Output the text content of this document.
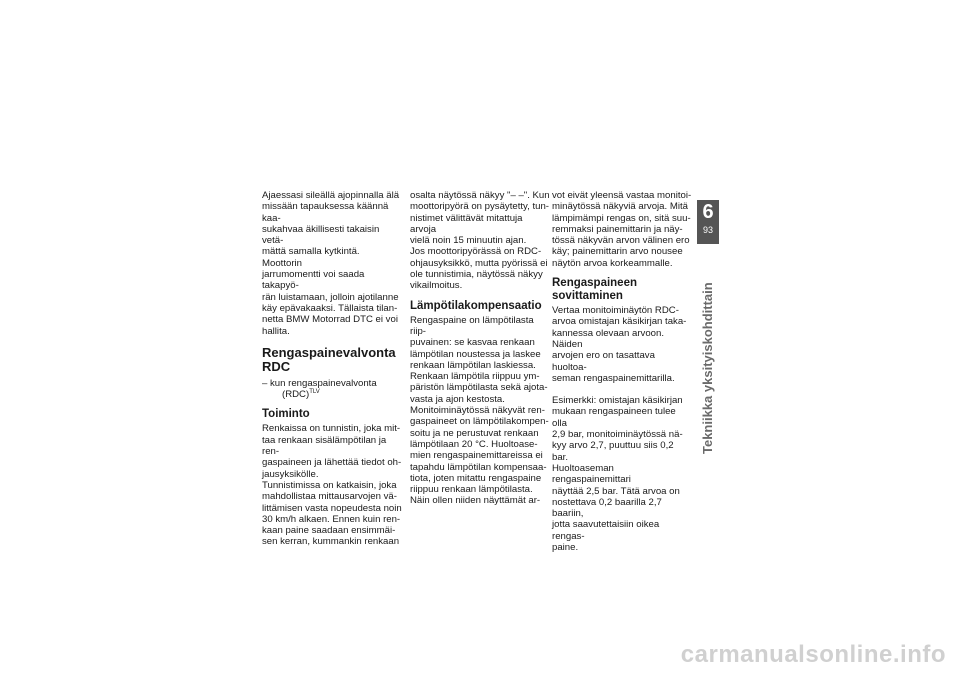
Ajaessasi sileällä ajopinnalla älä
missään tapauksessa käännä kaa-
sukahvaa äkillisesti takaisin vetä-
mättä samalla kytkintä. Moottorin
jarrumomentti voi saada takapyö-
rän luistamaan, jolloin ajotilanne
käy epävakaaksi. Tällaista tilan-
netta BMW Motorrad DTC ei voi
hallita.
Rengaspainevalvonta
RDC
– kun rengaspainevalvonta
(RDC)$^{TLV}$
Toiminto
Renkaissa on tunnistin, joka mit-
taa renkaan sisälämpötilan ja ren-
gaspaineen ja lähettää tiedot oh-
jausyksikölle.
Tunnistimissa on katkaisin, joka
mahdollistaa mittausarvojen vä-
littämisen vasta nopeudesta noin
30 km/h alkaen. Ennen kuin ren-
kaan paine saadaan ensimmäi-
sen kerran, kummankin renkaan
osalta näytössä näkyy "– –". Kun
moottoripyörä on pysäytetty, tun-
nistimet välittävät mitattuja arvoja
vielä noin 15 minuutin ajan.
Jos moottoripyörässä on RDC-
ohjausyksikkö, mutta pyörissä ei
ole tunnistimia, näytössä näkyy
vikailmoitus.
Lämpötilakompensaatio
Rengaspaine on lämpötilasta riip-
puvainen: se kasvaa renkaan
lämpötilan noustessa ja laskee
renkaan lämpötilan laskiessa.
Renkaan lämpötila riippuu ym-
päristön lämpötilasta sekä ajota-
vasta ja ajon kestosta.
Monitoiminäytössä näkyvät ren-
gaspaineet on lämpötilakompen-
soitu ja ne perustuvat renkaan
lämpötilaan 20 °C. Huoltoase-
mien rengaspainemittareissa ei
tapahdu lämpötilan kompensaa-
tiota, joten mitattu rengaspaine
riippuu renkaan lämpötilasta.
Näin ollen niiden näyttämät ar-
vot eivät yleensä vastaa monitoi-
minäytössä näkyviä arvoja. Mitä
lämpimämpi rengas on, sitä suu-
remmaksi painemittarin ja näy-
tössä näkyvän arvon välinen ero
käy; painemittarin arvo nousee
näytön arvoa korkeammalle.
Rengaspaineen
sovittaminen
Vertaa monitoiminäytön RDC-
arvoa omistajan käsikirjan taka-
kannessa olevaan arvoon. Näiden
arvojen ero on tasattava huoltoa-
seman rengaspainemittarilla.
Esimerkki: omistajan käsikirjan
mukaan rengaspaineen tulee olla
2,9 bar, monitoiminäytössä nä-
kyy arvo 2,7, puuttuu siis 0,2 bar.
Huoltoaseman rengaspainemittari
näyttää 2,5 bar. Tätä arvoa on
nostettava 0,2 baarilla 2,7 baariin,
jotta saavutettaisiin oikea rengas-
paine.
6
93
Tekniikka yksityiskohdittain
carmanualsonline.info
